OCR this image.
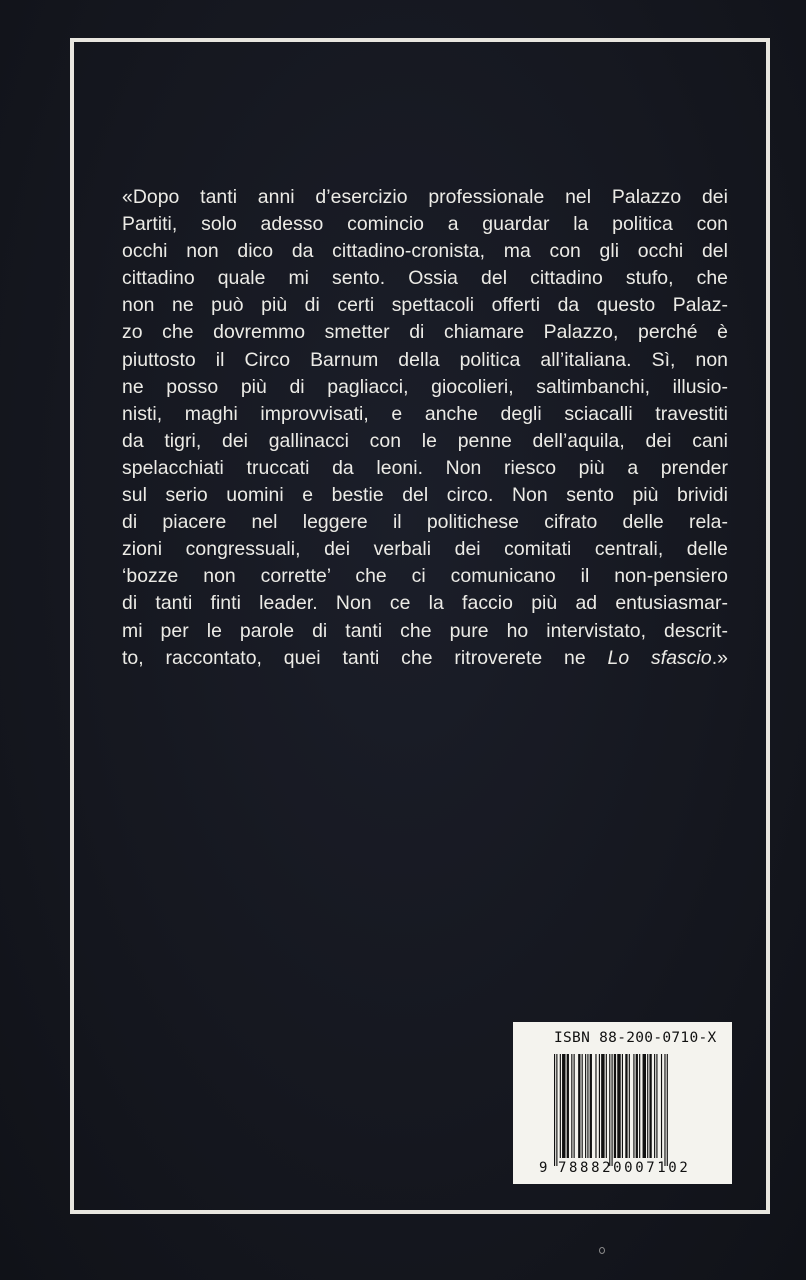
«Dopo tanti anni d’esercizio professionale nel Palazzo dei
Partiti, solo adesso comincio a guardar la politica con
occhi non dico da cittadino-cronista, ma con gli occhi del
cittadino quale mi sento. Ossia del cittadino stufo, che
non ne può più di certi spettacoli offerti da questo Palaz-
zo che dovremmo smetter di chiamare Palazzo, perché è
piuttosto il Circo Barnum della politica all’italiana. Sì, non
ne posso più di pagliacci, giocolieri, saltimbanchi, illusio-
nisti, maghi improvvisati, e anche degli sciacalli travestiti
da tigri, dei gallinacci con le penne dell’aquila, dei cani
spelacchiati truccati da leoni. Non riesco più a prender
sul serio uomini e bestie del circo. Non sento più brividi
di piacere nel leggere il politichese cifrato delle rela-
zioni congressuali, dei verbali dei comitati centrali, delle
‘bozze non corrette’ che ci comunicano il non-pensiero
di tanti finti leader. Non ce la faccio più ad entusiasmar-
mi per le parole di tanti che pure ho intervistato, descrit-
to, raccontato, quei tanti che ritroverete ne Lo sfascio.»
ISBN 88-200-0710-X
9 788820007102
